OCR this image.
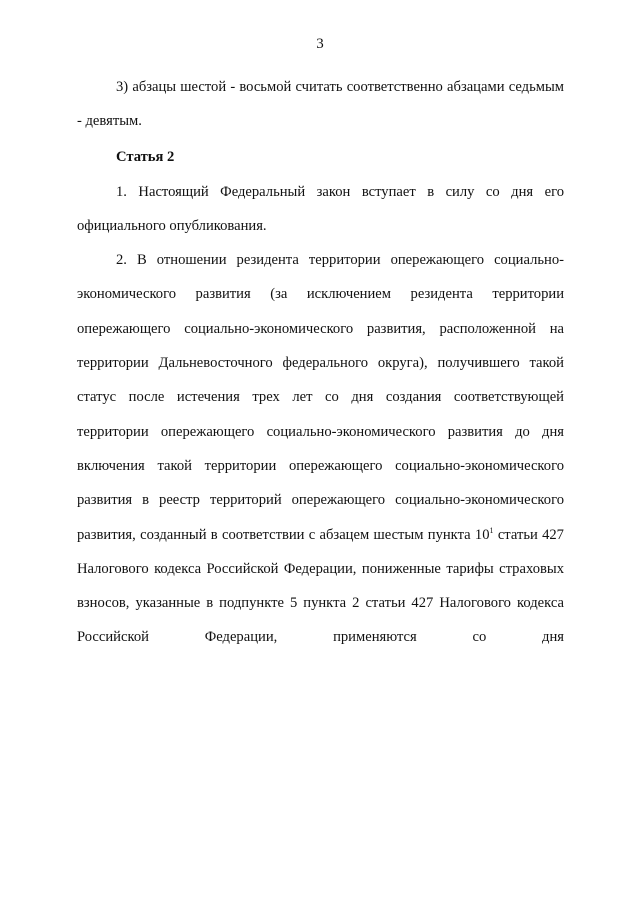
3

3) абзацы шестой - восьмой считать соответственно абзацами седьмым - девятым.

Статья 2

1. Настоящий Федеральный закон вступает в силу со дня его официального опубликования.

2. В отношении резидента территории опережающего социально-экономического развития (за исключением резидента территории опережающего социально-экономического развития, расположенной на территории Дальневосточного федерального округа), получившего такой статус после истечения трех лет со дня создания соответствующей территории опережающего социально-экономического развития до дня включения такой территории опережающего социально-экономического развития в реестр территорий опережающего социально-экономического развития, созданный в соответствии с абзацем шестым пункта $10^1$ статьи 427 Налогового кодекса Российской Федерации, пониженные тарифы страховых взносов, указанные в подпункте 5 пункта 2 статьи 427 Налогового кодекса Российской Федерации, применяются со дня
